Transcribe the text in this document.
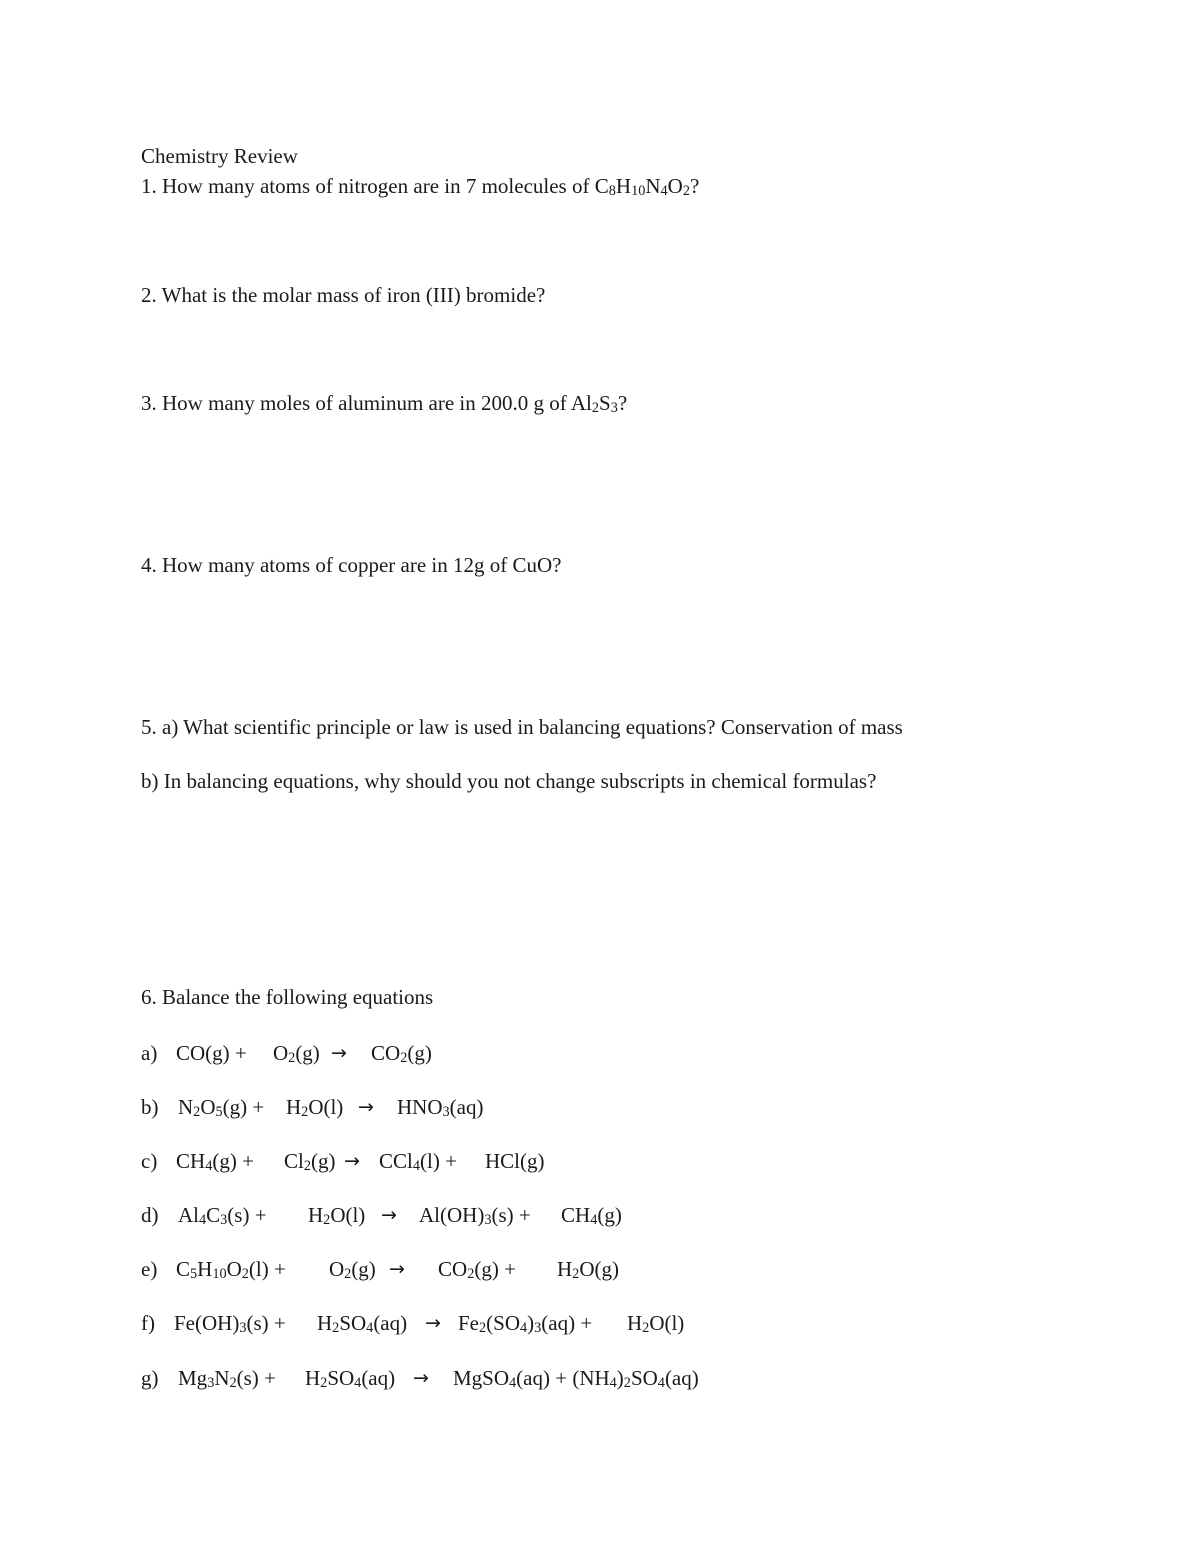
Chemistry Review
1. How many atoms of nitrogen are in 7 molecules of $C_8H_{10}N_4O_2$?
2. What is the molar mass of iron (III) bromide?
3. How many moles of aluminum are in 200.0 g of $Al_2S_3$?
4. How many atoms of copper are in 12g of CuO?
5. a) What scientific principle or law is used in balancing equations? Conservation of mass
b) In balancing equations, why should you not change subscripts in chemical formulas?
6. Balance the following equations
a) $CO(g) + O_2(g) \to CO_2(g)$
b) $N_2O_5(g) + H_2O(l) \to HNO_3(aq)$
c) $CH_4(g) + Cl_2(g) \to CCl_4(l) + HCl(g)$
d) $Al_4C_3(s) + H_2O(l) \to Al(OH)_3(s) + CH_4(g)$
e) $C_5H_{10}O_2(l) + O_2(g) \to CO_2(g) + H_2O(g)$
f) $Fe(OH)_3(s) + H_2SO_4(aq) \to Fe_2(SO_4)_3(aq) + H_2O(l)$
g) $Mg_3N_2(s) + H_2SO_4(aq)$ → MgSO$_4$(aq) + $(NH_4)_2SO_4(aq)$
